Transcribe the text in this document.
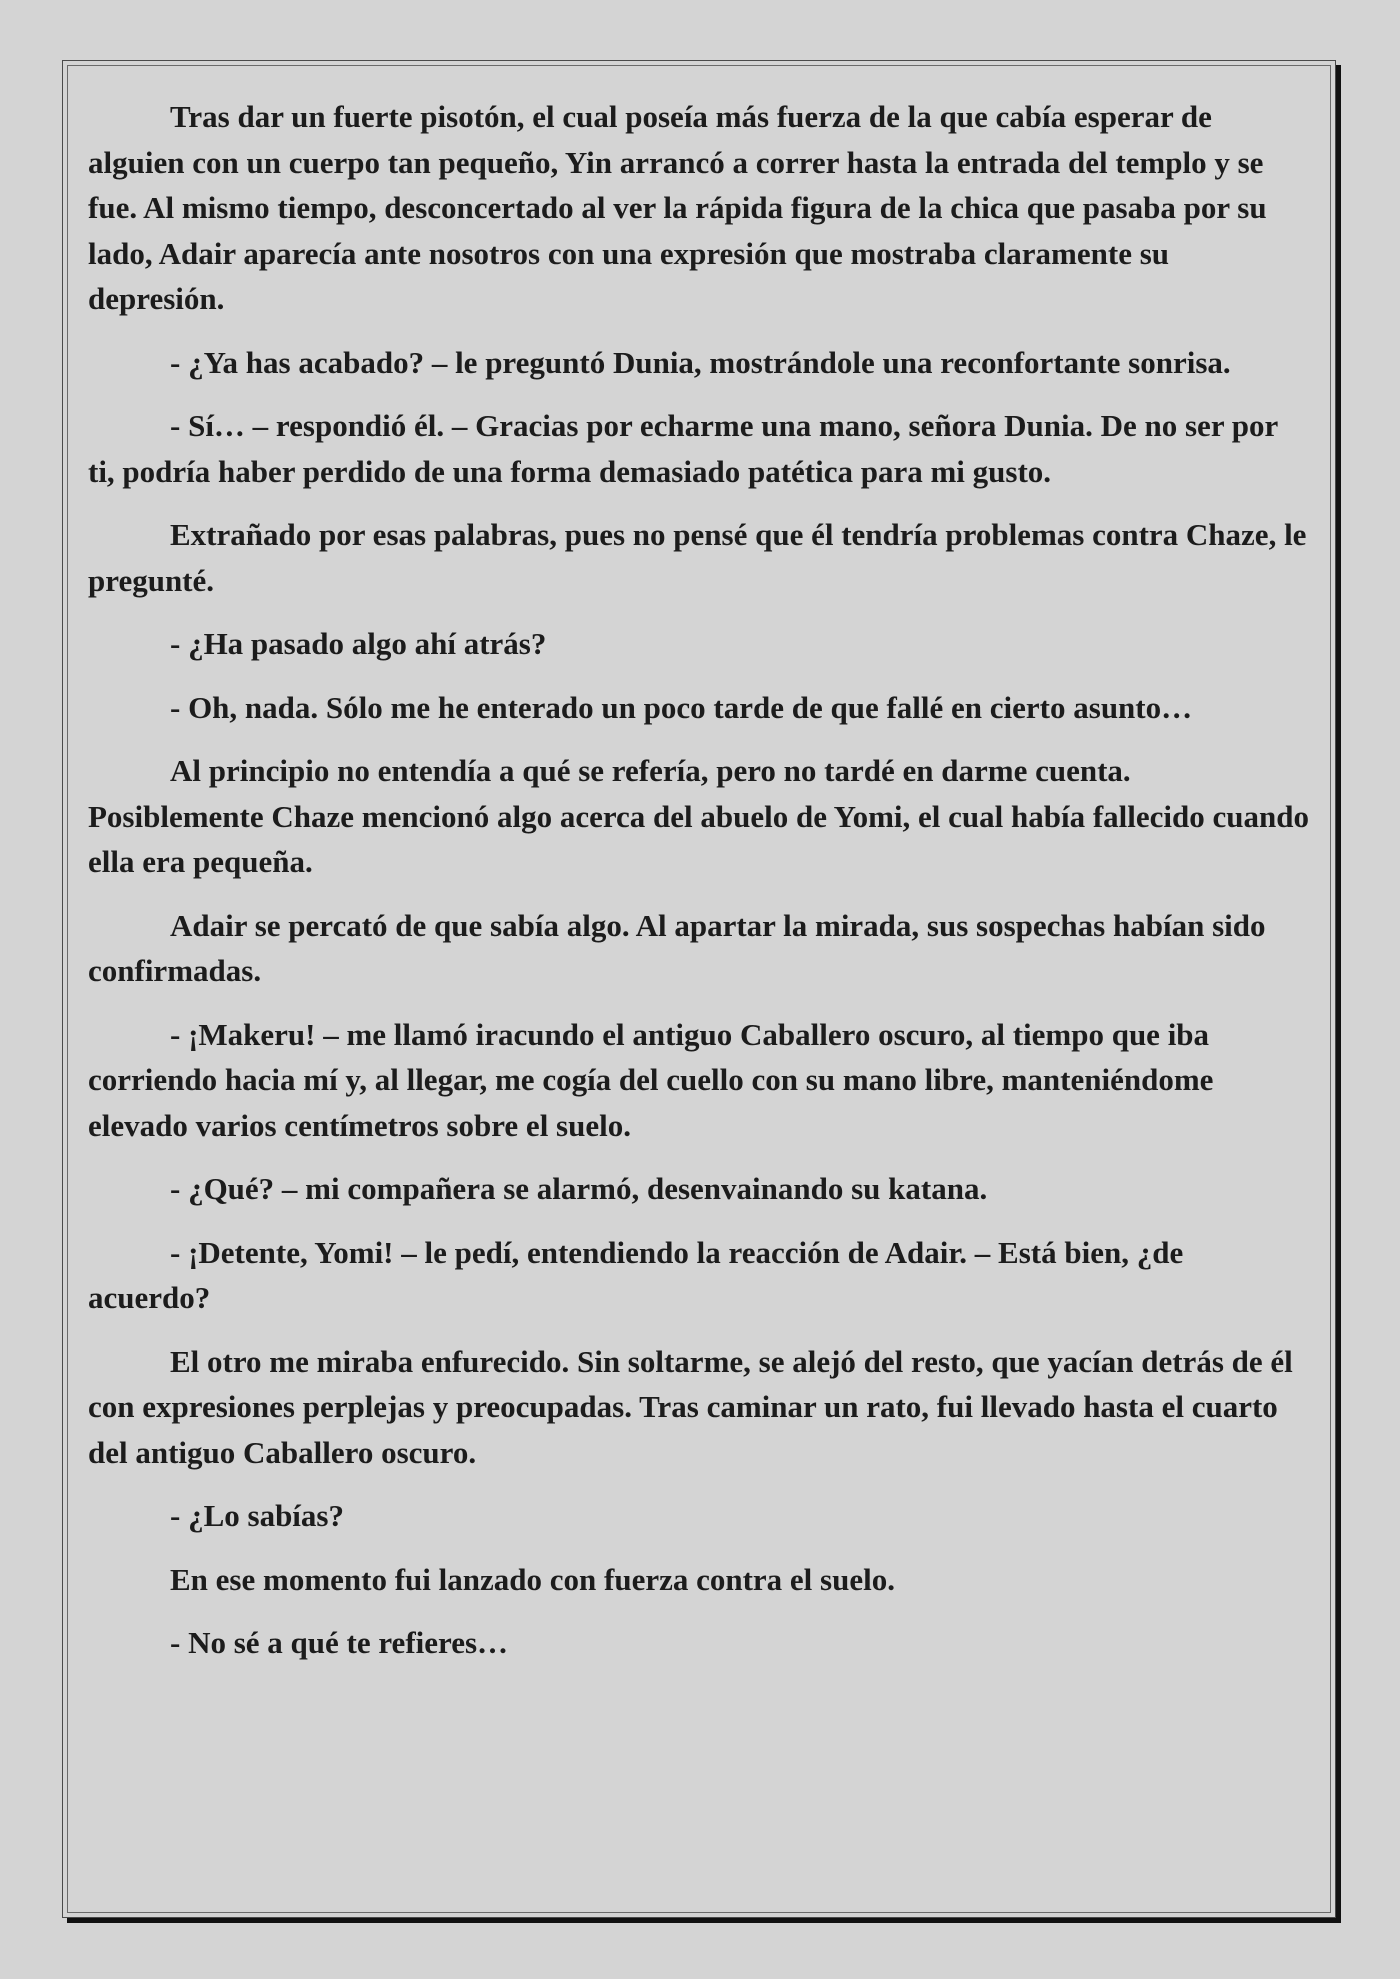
Tras dar un fuerte pisotón, el cual poseía más fuerza de la que cabía esperar de alguien con un cuerpo tan pequeño, Yin arrancó a correr hasta la entrada del templo y se fue. Al mismo tiempo, desconcertado al ver la rápida figura de la chica que pasaba por su lado, Adair aparecía ante nosotros con una expresión que mostraba claramente su depresión.

- ¿Ya has acabado? – le preguntó Dunia, mostrándole una reconfortante sonrisa.

- Sí… – respondió él. – Gracias por echarme una mano, señora Dunia. De no ser por ti, podría haber perdido de una forma demasiado patética para mi gusto.

Extrañado por esas palabras, pues no pensé que él tendría problemas contra Chaze, le pregunté.

- ¿Ha pasado algo ahí atrás?

- Oh, nada. Sólo me he enterado un poco tarde de que fallé en cierto asunto…

Al principio no entendía a qué se refería, pero no tardé en darme cuenta. Posiblemente Chaze mencionó algo acerca del abuelo de Yomi, el cual había fallecido cuando ella era pequeña.

Adair se percató de que sabía algo. Al apartar la mirada, sus sospechas habían sido confirmadas.

- ¡Makeru! – me llamó iracundo el antiguo Caballero oscuro, al tiempo que iba corriendo hacia mí y, al llegar, me cogía del cuello con su mano libre, manteniéndome elevado varios centímetros sobre el suelo.

- ¿Qué? – mi compañera se alarmó, desenvainando su katana.

- ¡Detente, Yomi! – le pedí, entendiendo la reacción de Adair. – Está bien, ¿de acuerdo?

El otro me miraba enfurecido. Sin soltarme, se alejó del resto, que yacían detrás de él con expresiones perplejas y preocupadas. Tras caminar un rato, fui llevado hasta el cuarto del antiguo Caballero oscuro.

- ¿Lo sabías?

En ese momento fui lanzado con fuerza contra el suelo.

- No sé a qué te refieres…
